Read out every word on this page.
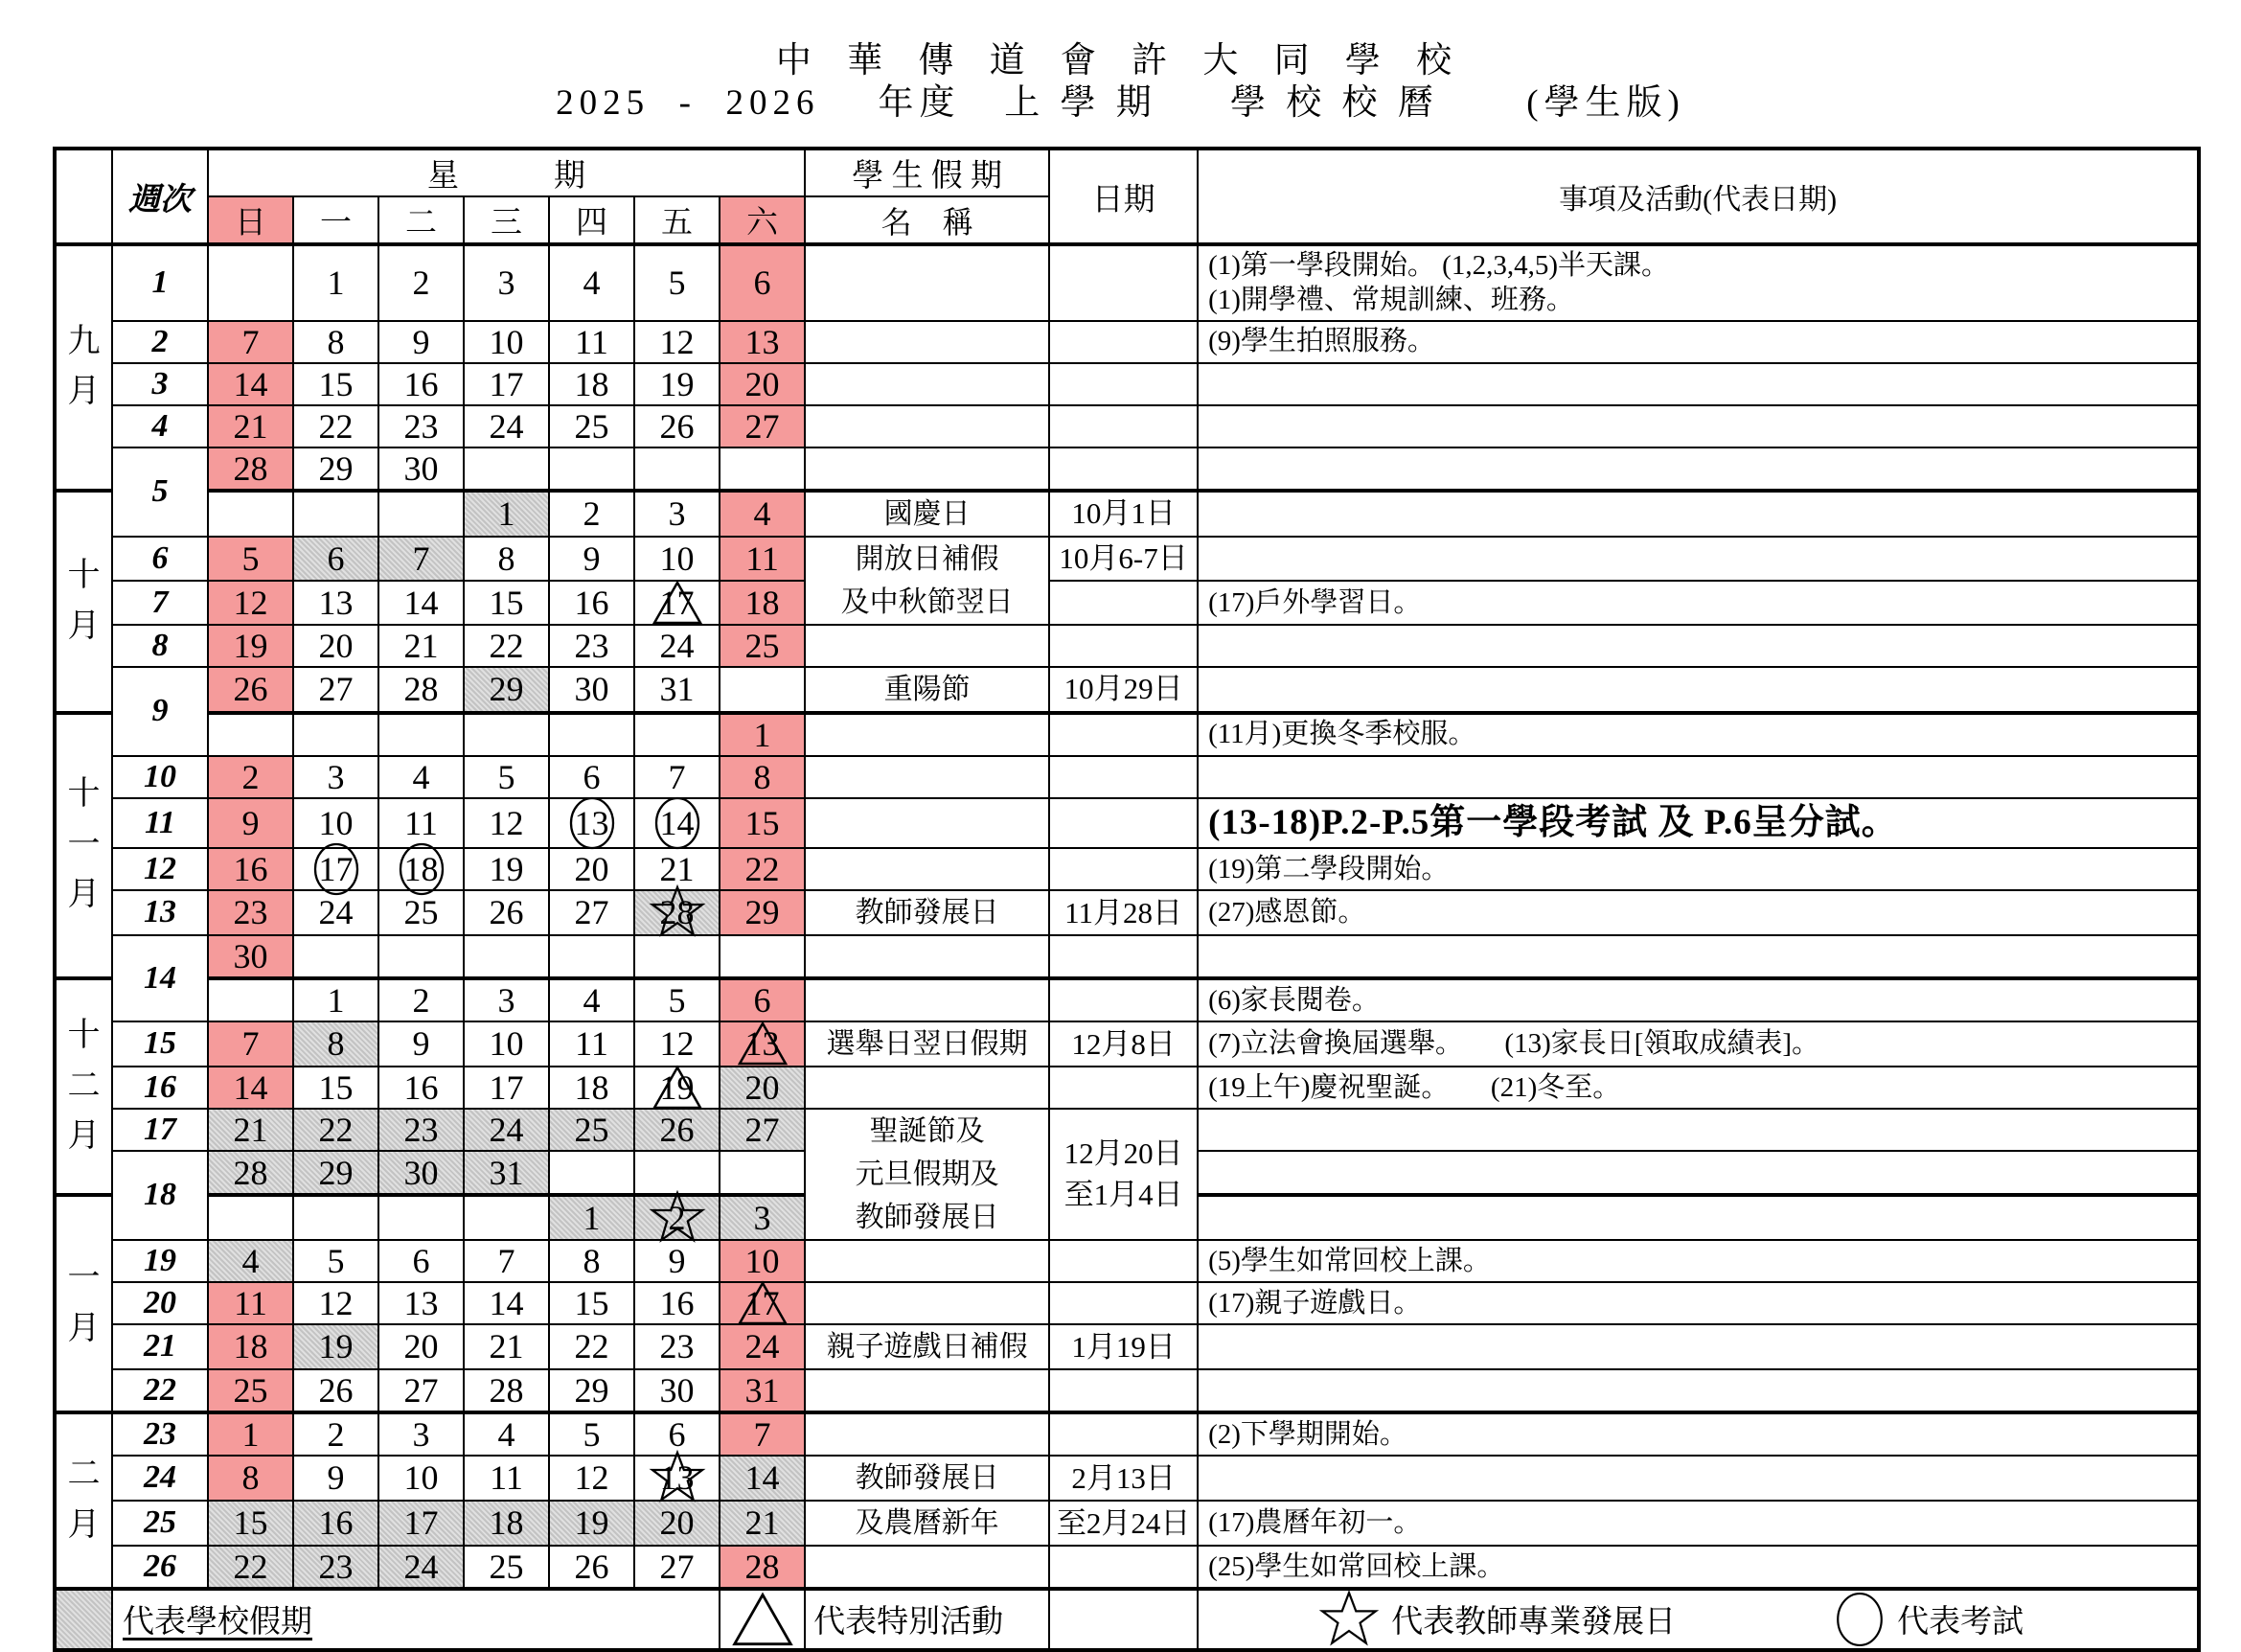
中 華 傳 道 會 許 大 同 學 校
2025  -  2026    年度   上 學 期     學 校 校 曆      (學生版)
	週次	星　　　期							學 生 假 期	日期	事項及活動(代表日期)
		日	一	二	三	四	五	六	名　稱		
九
月	1		1	2	3	4	5	6			(1)第一學段開始。 (1,2,3,4,5)半天課。
(1)開學禮、常規訓練、班務。
	2	7	8	9	10	11	12	13			(9)學生拍照服務。
	3	14	15	16	17	18	19	20			
	4	21	22	23	24	25	26	27			
	5	28	29	30							
十
月					1	2	3	4	國慶日	10月1日	
	6	5	6	7	8	9	10	11	開放日補假
及中秋節翌日	10月6-7日	
	7	12	13	14	15	16	17	18			(17)戶外學習日。
	8	19	20	21	22	23	24	25			
	9	26	27	28	29	30	31		重陽節	10月29日	
十
一
月								1			(11月)更換冬季校服。
	10	2	3	4	5	6	7	8			
	11	9	10	11	12	13	14	15			(13-18)P.2-P.5第一學段考試 及 P.6呈分試。
	12	16	17	18	19	20	21	22			(19)第二學段開始。
	13	23	24	25	26	27	28	29	教師發展日	11月28日	(27)感恩節。
	14	30									
十
二
月			1	2	3	4	5	6			(6)家長閱卷。
	15	7	8	9	10	11	12	13	選舉日翌日假期	12月8日	(7)立法會換屆選舉。　　(13)家長日[領取成績表]。
	16	14	15	16	17	18	19	20			(19上午)慶祝聖誕。　　(21)冬至。
	17	21	22	23	24	25	26	27	聖誕節及
元旦假期及
教師發展日	12月20日
至1月4日	
	18	28	29	30	31						
一
月						1	2	3			
	19	4	5	6	7	8	9	10			(5)學生如常回校上課。
	20	11	12	13	14	15	16	17			(17)親子遊戲日。
	21	18	19	20	21	22	23	24	親子遊戲日補假	1月19日	
	22	25	26	27	28	29	30	31			
二
月	23	1	2	3	4	5	6	7			(2)下學期開始。
	24	8	9	10	11	12	13	14	教師發展日	2月13日	
	25	15	16	17	18	19	20	21	及農曆新年	至2月24日	(17)農曆年初一。
	26	22	23	24	25	26	27	28			(25)學生如常回校上課。
	代表學校假期								代表特別活動		代表教師專業發展日 代表考試
